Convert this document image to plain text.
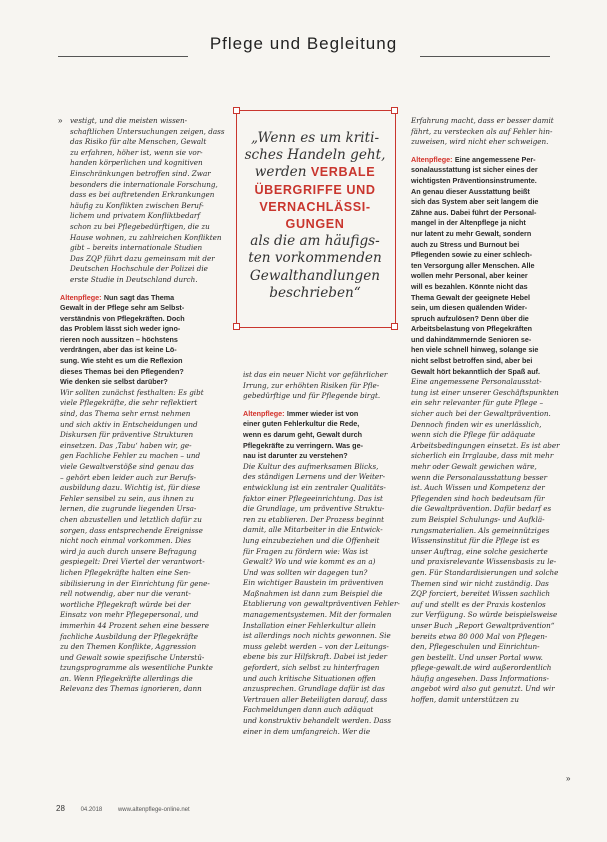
Pflege und Begleitung
» vestigt, und die meisten wissen-
schaftlichen Untersuchungen zeigen, dass
das Risiko für alte Menschen, Gewalt
zu erfahren, höher ist, wenn sie vor-
handen körperlichen und kognitiven
Einschränkungen betroffen sind. Zwar
besonders die internationale Forschung,
dass es bei auftretenden Erkrankungen
häufig zu Konflikten zwischen Beruf-
lichem und privatem Konfliktbedarf
schon zu bei Pflegebedürftigen, die zu
Hause wohnen, zu zahlreichen Konflikten
gibt – bereits internationale Studien
Das ZQP führt dazu gemeinsam mit der
Deutschen Hochschule der Polizei die
erste Studie in Deutschland durch.
Altenpflege: Nun sagt das Thema
Gewalt in der Pflege sehr am Selbst-
verständnis von Pflegekräften. Doch
das Problem lässt sich weder igno-
rieren noch aussitzen – höchstens
verdrängen, aber das ist keine Lö-
sung. Wie steht es um die Reflexion
dieses Themas bei den Pflegenden?
Wie denken sie selbst darüber?
Wir sollten zunächst festhalten: Es gibt
viele Pflegekräfte, die sehr reflektiert
sind, das Thema sehr ernst nehmen
und sich aktiv in Entscheidungen und
Diskursen für präventive Strukturen
einsetzen. Das ‚Tabu‘ haben wir, ge-
gen Fachliche Fehler zu machen – und
viele Gewaltverstöße sind genau das
– gehört eben leider auch zur Berufs-
ausbildung dazu. Wichtig ist, für diese
Fehler sensibel zu sein, aus ihnen zu
lernen, die zugrunde liegenden Ursa-
chen abzustellen und letztlich dafür zu
sorgen, dass entsprechende Ereignisse
nicht noch einmal vorkommen. Dies
wird ja auch durch unsere Befragung
gespiegelt: Drei Viertel der verantwort-
lichen Pflegekräfte halten eine Sen-
sibilisierung in der Einrichtung für gene-
rell notwendig, aber nur die verant-
wortliche Pflegekraft würde bei der
Einsatz von mehr Pflegepersonal, und
immerhin 44 Prozent sehen eine bessere
fachliche Ausbildung der Pflegekräfte
zu den Themen Konflikte, Aggression
und Gewalt sowie spezifische Unterstü-
tzungsprogramme als wesentliche Punkte
an. Wenn Pflegekräfte allerdings die
Relevanz des Themas ignorieren, dann
„Wenn es um kriti-
sches Handeln geht,
werden VERBALE
ÜBERGRIFFE UND
VERNACHLÄSSI-
GUNGEN
als die am häufigs-
ten vorkommenden
Gewalthandlungen
beschrieben“
ist das ein neuer Nicht vor gefährlicher
Irrung, zur erhöhten Risiken für Pfle-
gebedürftige und für Pflegende birgt.
Altenpflege: Immer wieder ist von
einer guten Fehlerkultur die Rede,
wenn es darum geht, Gewalt durch
Pflegekräfte zu verringern. Was ge-
nau ist darunter zu verstehen?
Die Kultur des aufmerksamen Blicks,
des ständigen Lernens und der Weiter-
entwicklung ist ein zentraler Qualitäts-
faktor einer Pflegeeinrichtung. Das ist
die Grundlage, um präventive Struktu-
ren zu etablieren. Der Prozess beginnt
damit, alle Mitarbeiter in die Entwick-
lung einzubeziehen und die Offenheit
für Fragen zu fördern wie: Was ist
Gewalt? Wo und wie kommt es an a)
Und was sollten wir dagegen tun?
Ein wichtiger Baustein im präventiven
Maßnahmen ist dann zum Beispiel die
Etablierung von gewaltpräventiven Fehler-
managementsystemen. Mit der formalen
Installation einer Fehlerkultur allein
ist allerdings noch nichts gewonnen. Sie
muss gelebt werden – von der Leitungs-
ebene bis zur Hilfskraft. Dabei ist jeder
gefordert, sich selbst zu hinterfragen
und auch kritische Situationen offen
anzusprechen. Grundlage dafür ist das
Vertrauen aller Beteiligten darauf, dass
Fachmeldungen dann auch adäquat
und konstruktiv behandelt werden. Dass
einer in dem umfangreich. Wer die
Erfahrung macht, dass er besser damit
fährt, zu verstecken als auf Fehler hin-
zuweisen, wird nicht eher schweigen.
Altenpflege: Eine angemessene Per-
sonalausstattung ist sicher eines der
wichtigsten Präventionsinstrumente.
An genau dieser Ausstattung beißt
sich das System aber seit langem die
Zähne aus. Dabei führt der Personal-
mangel in der Altenpflege ja nicht
nur latent zu mehr Gewalt, sondern
auch zu Stress und Burnout bei
Pflegenden sowie zu einer schlech-
ten Versorgung aller Menschen. Alle
wollen mehr Personal, aber keiner
will es bezahlen. Könnte nicht das
Thema Gewalt der geeignete Hebel
sein, um diesen quälenden Wider-
spruch aufzulösen? Denn über die
Arbeitsbelastung von Pflegekräften
und dahindämmernde Senioren se-
hen viele schnell hinweg, solange sie
nicht selbst betroffen sind, aber bei
Gewalt hört bekanntlich der Spaß auf.
Eine angemessene Personalausstat-
tung ist einer unserer Geschäftspunkten
ein sehr relevanter für gute Pflege –
sicher auch bei der Gewaltprävention.
Dennoch finden wir es unerlässlich,
wenn sich die Pflege für adäquate
Arbeitsbedingungen einsetzt. Es ist aber
sicherlich ein Irrglaube, dass mit mehr
mehr oder Gewalt gewichen wäre,
wenn die Personalausstattung besser
ist. Auch Wissen und Kompetenz der
Pflegenden sind hoch bedeutsam für
die Gewaltprävention. Dafür bedarf es
zum Beispiel Schulungs- und Aufklä-
rungsmaterialien. Als gemeinnütziges
Wissensinstitut für die Pflege ist es
unser Auftrag, eine solche gesicherte
und praxisrelevante Wissensbasis zu le-
gen. Für Standardisierungen und solche
Themen sind wir nicht zuständig. Das
ZQP forciert, bereitet Wissen sachlich
auf und stellt es der Praxis kostenlos
zur Verfügung. So würde beispielsweise
unser Buch „Report Gewaltprävention“
bereits etwa 80 000 Mal von Pflegen-
den, Pflegeschulen und Einrichtun-
gen bestellt. Und unser Portal www.
pflege-gewalt.de wird außerordentlich
häufig angesehen. Dass Informations-
angebot wird also gut genutzt. Und wir
hoffen, damit unterstützen zu
»
28	04.2018	www.altenpflege-online.net
